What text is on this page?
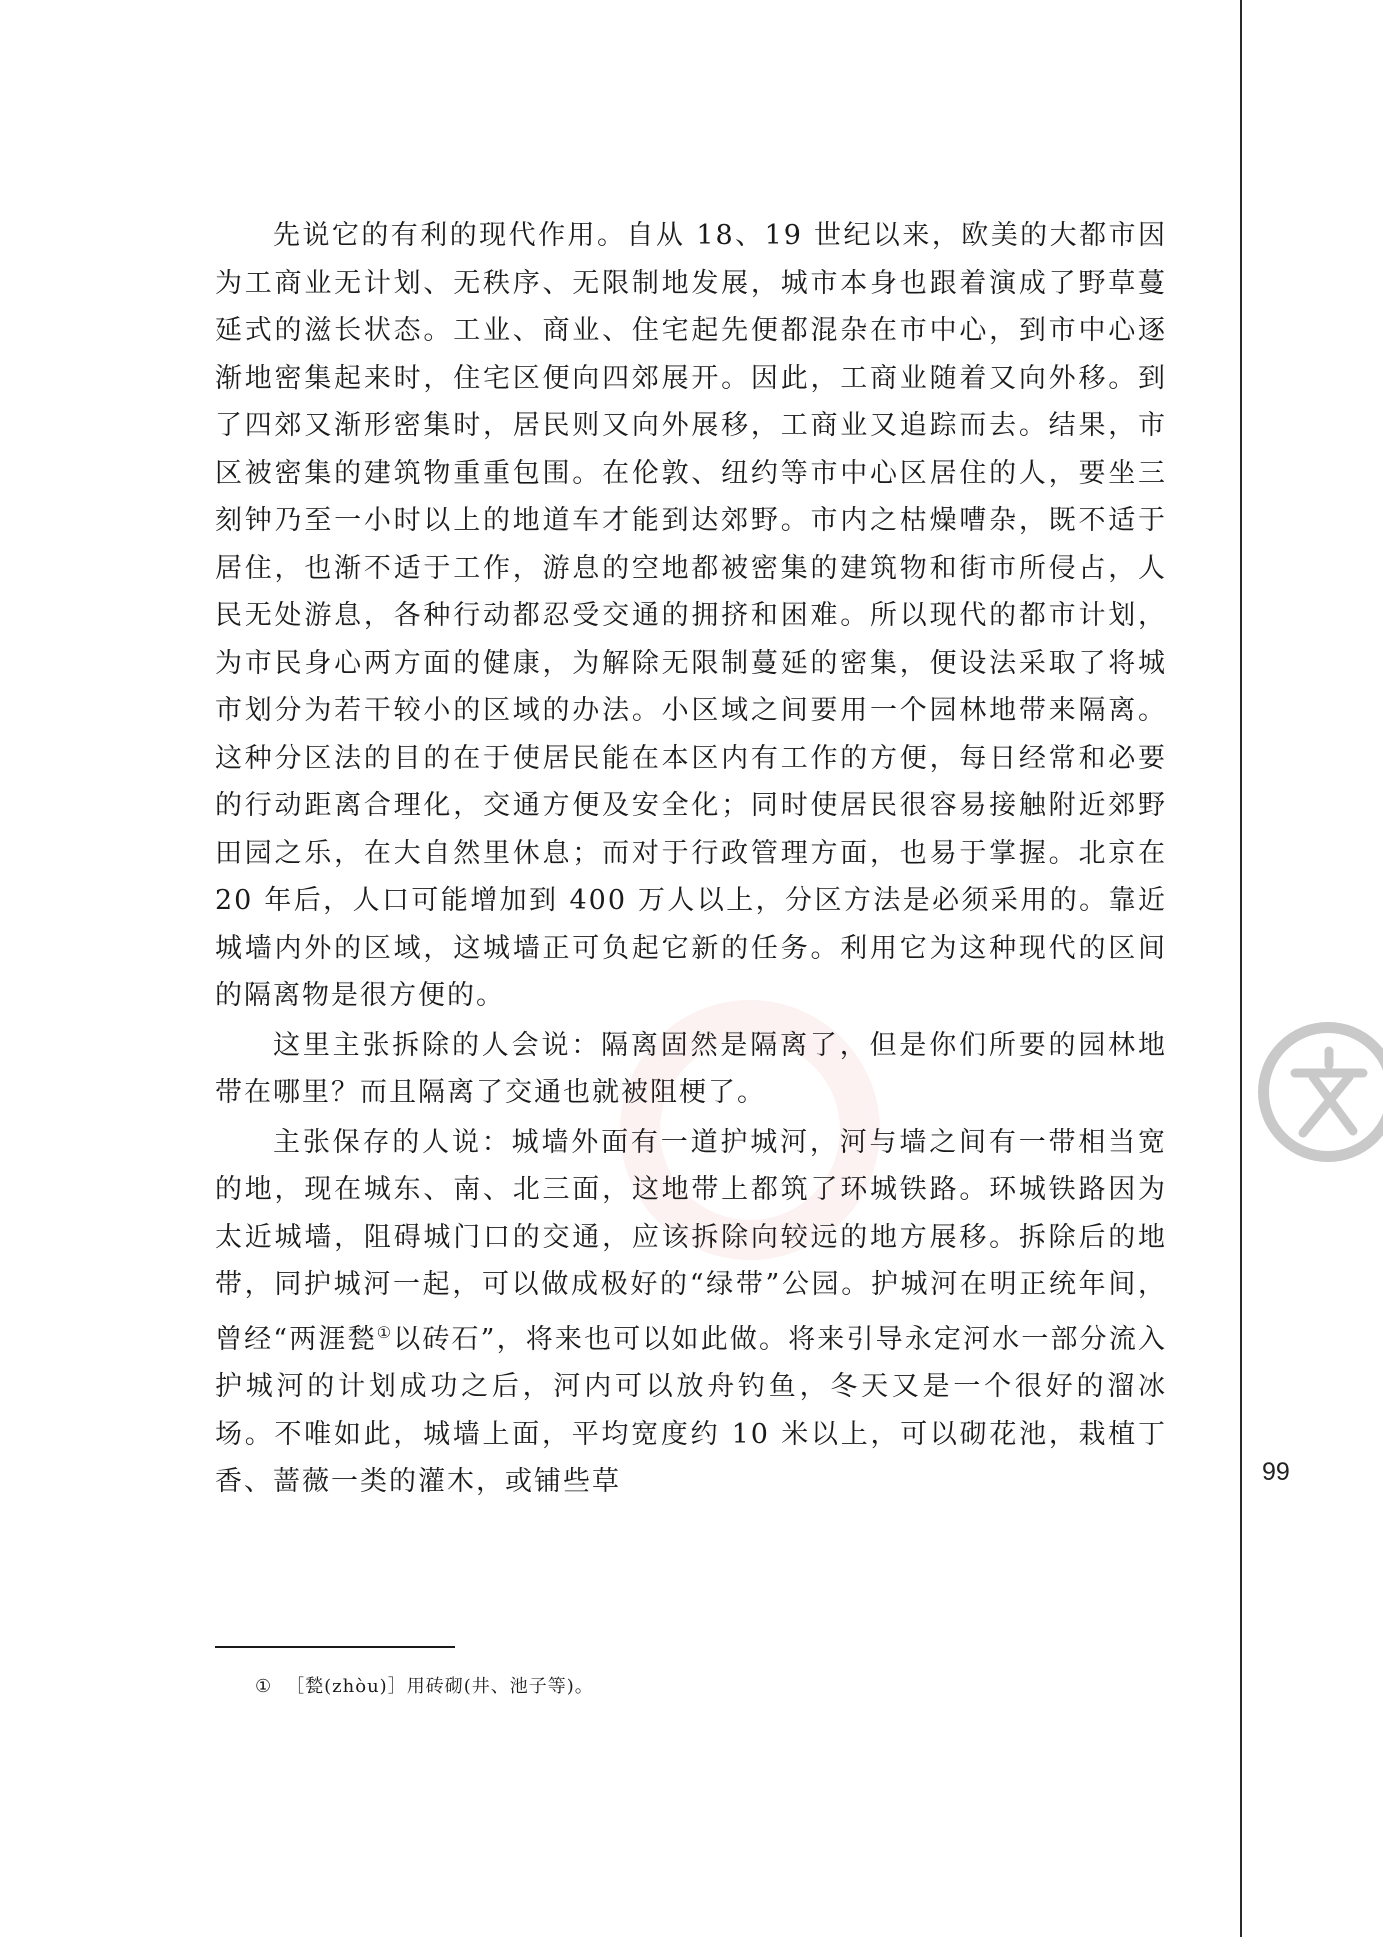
先说它的有利的现代作用。自从 18、19 世纪以来，欧美的大都市因为工商业无计划、无秩序、无限制地发展，城市本身也跟着演成了野草蔓延式的滋长状态。工业、商业、住宅起先便都混杂在市中心，到市中心逐渐地密集起来时，住宅区便向四郊展开。因此，工商业随着又向外移。到了四郊又渐形密集时，居民则又向外展移，工商业又追踪而去。结果，市区被密集的建筑物重重包围。在伦敦、纽约等市中心区居住的人，要坐三刻钟乃至一小时以上的地道车才能到达郊野。市内之枯燥嘈杂，既不适于居住，也渐不适于工作，游息的空地都被密集的建筑物和街市所侵占，人民无处游息，各种行动都忍受交通的拥挤和困难。所以现代的都市计划，为市民身心两方面的健康，为解除无限制蔓延的密集，便设法采取了将城市划分为若干较小的区域的办法。小区域之间要用一个园林地带来隔离。这种分区法的目的在于使居民能在本区内有工作的方便，每日经常和必要的行动距离合理化，交通方便及安全化；同时使居民很容易接触附近郊野田园之乐，在大自然里休息；而对于行政管理方面，也易于掌握。北京在 20 年后，人口可能增加到 400 万人以上，分区方法是必须采用的。靠近城墙内外的区域，这城墙正可负起它新的任务。利用它为这种现代的区间的隔离物是很方便的。

这里主张拆除的人会说：隔离固然是隔离了，但是你们所要的园林地带在哪里？而且隔离了交通也就被阻梗了。

主张保存的人说：城墙外面有一道护城河，河与墙之间有一带相当宽的地，现在城东、南、北三面，这地带上都筑了环城铁路。环城铁路因为太近城墙，阻碍城门口的交通，应该拆除向较远的地方展移。拆除后的地带，同护城河一起，可以做成极好的“绿带”公园。护城河在明正统年间，曾经“两涯甃①以砖石”，将来也可以如此做。将来引导永定河水一部分流入护城河的计划成功之后，河内可以放舟钓鱼，冬天又是一个很好的溜冰场。不唯如此，城墙上面，平均宽度约 10 米以上，可以砌花池，栽植丁香、蔷薇一类的灌木，或铺些草

① ［甃(zhòu)］用砖砌(井、池子等)。
99
